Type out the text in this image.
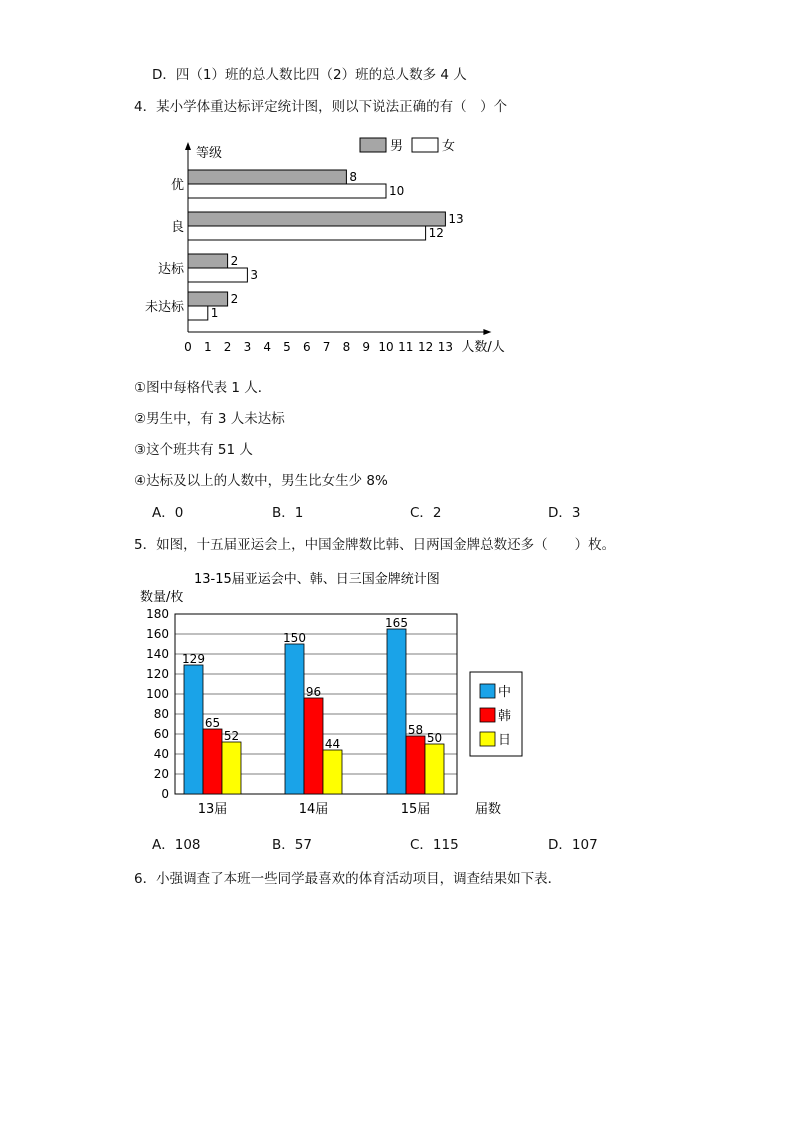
D．四（1）班的总人数比四（2）班的总人数多 4 人
4．某小学体重达标评定统计图，则以下说法正确的有（　）个
等级
人数/人
0 1 2 3 4 5 6 7 8 9 10 11 12 13
优
8
10
良
13
12
达标
2
3
未达标
2
1
男	女
①图中每格代表 1 人．
②男生中，有 3 人未达标
③这个班共有 51 人
④达标及以上的人数中，男生比女生少 8%
A．0	B．1	C．2	D．3
5．如图，十五届亚运会上，中国金牌数比韩、日两国金牌总数还多（　　）枚。
13-15届亚运会中、韩、日三国金牌统计图
数量/枚
0
20
40
60
80
100
120
140
160
180
129
65
52
13届
150
96
44
14届
165
58
50
15届	届数
中
韩
日
A．108	B．57	C．115	D．107
6．小强调查了本班一些同学最喜欢的体育活动项目，调查结果如下表．
